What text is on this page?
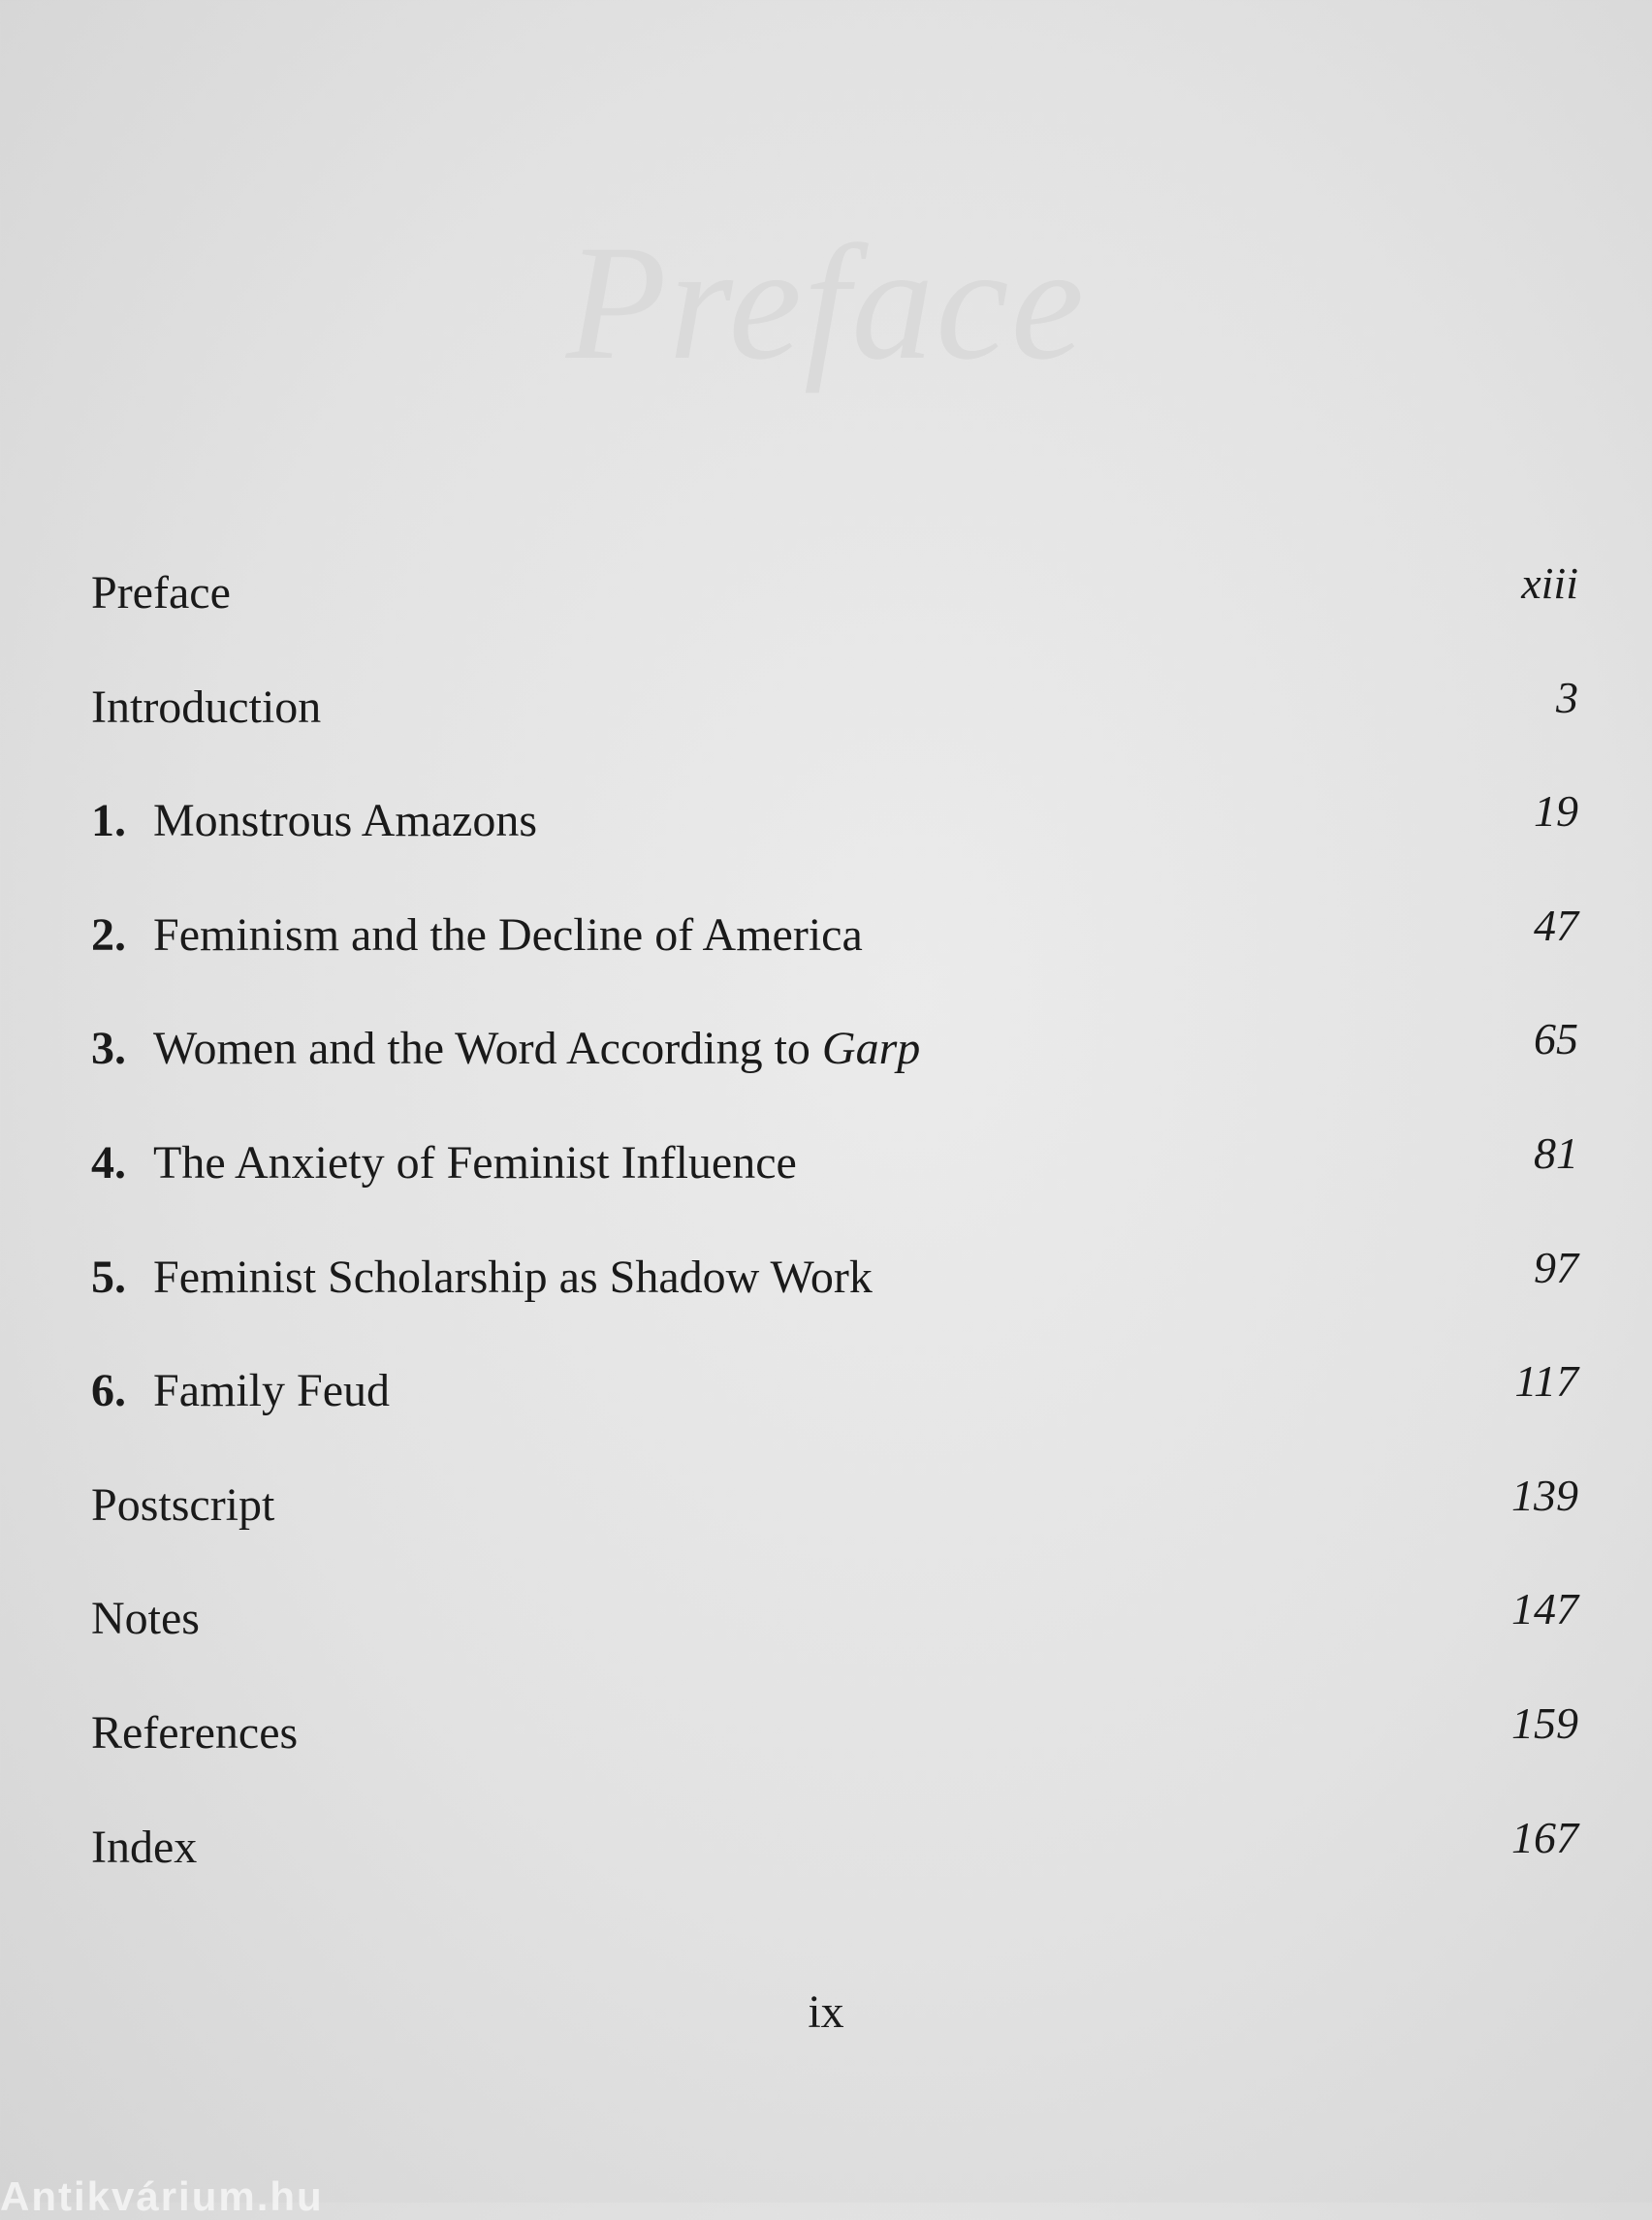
Preface
Preface	xiii
Introduction	3
1. Monstrous Amazons	19
2. Feminism and the Decline of America	47
3. Women and the Word According to Garp	65
4. The Anxiety of Feminist Influence	81
5. Feminist Scholarship as Shadow Work	97
6. Family Feud	117
Postscript	139
Notes	147
References	159
Index	167
ix
Antikvárium.hu
